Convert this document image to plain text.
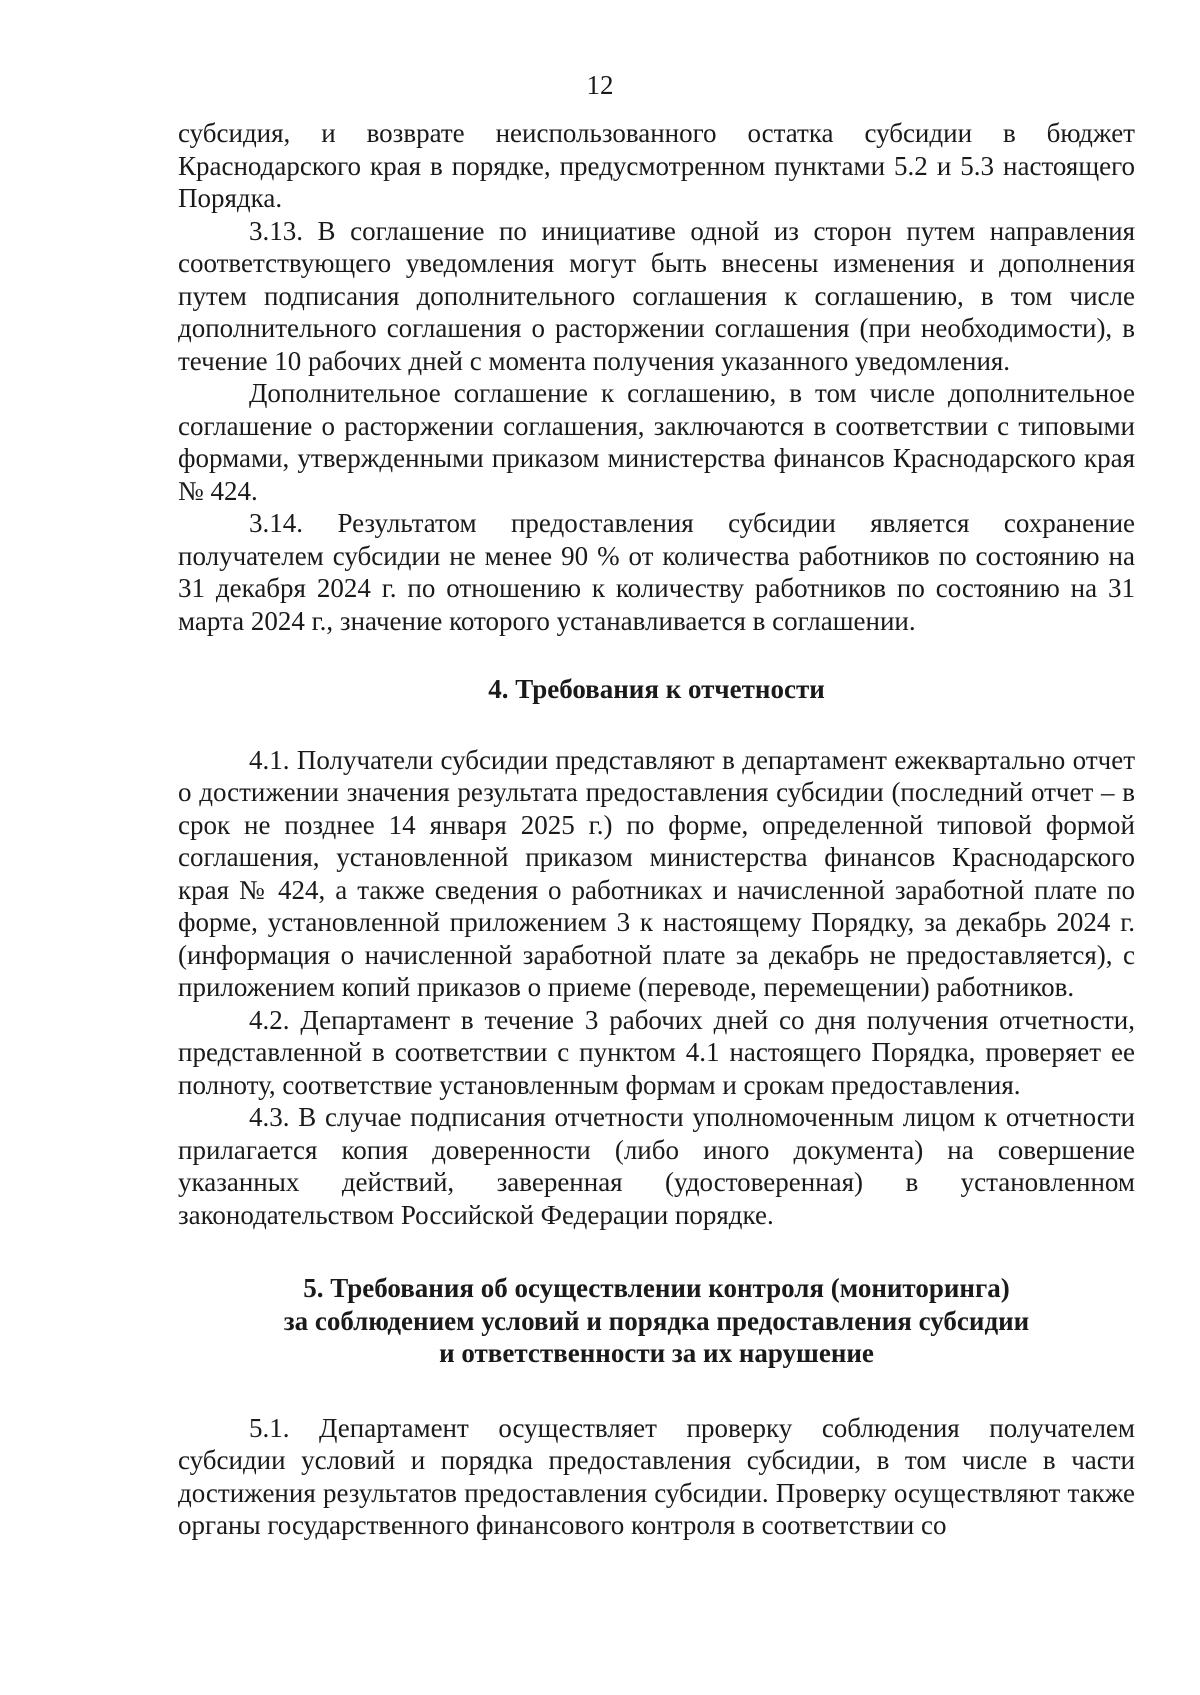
12

субсидия, и возврате неиспользованного остатка субсидии в бюджет Краснодарского края в порядке, предусмотренном пунктами 5.2 и 5.3 настоящего Порядка.

3.13. В соглашение по инициативе одной из сторон путем направления соответствующего уведомления могут быть внесены изменения и дополнения путем подписания дополнительного соглашения к соглашению, в том числе дополнительного соглашения о расторжении соглашения (при необходимости), в течение 10 рабочих дней с момента получения указанного уведомления.

Дополнительное соглашение к соглашению, в том числе дополнительное соглашение о расторжении соглашения, заключаются в соответствии с типовыми формами, утвержденными приказом министерства финансов Краснодарского края № 424.

3.14. Результатом предоставления субсидии является сохранение получателем субсидии не менее 90 % от количества работников по состоянию на 31 декабря 2024 г. по отношению к количеству работников по состоянию на 31 марта 2024 г., значение которого устанавливается в соглашении.

4. Требования к отчетности

4.1. Получатели субсидии представляют в департамент ежеквартально отчет о достижении значения результата предоставления субсидии (последний отчет – в срок не позднее 14 января 2025 г.) по форме, определенной типовой формой соглашения, установленной приказом министерства финансов Краснодарского края № 424, а также сведения о работниках и начисленной заработной плате по форме, установленной приложением 3 к настоящему Порядку, за декабрь 2024 г. (информация о начисленной заработной плате за декабрь не предоставляется), с приложением копий приказов о приеме (переводе, перемещении) работников.

4.2. Департамент в течение 3 рабочих дней со дня получения отчетности, представленной в соответствии с пунктом 4.1 настоящего Порядка, проверяет ее полноту, соответствие установленным формам и срокам предоставления.

4.3. В случае подписания отчетности уполномоченным лицом к отчетности прилагается копия доверенности (либо иного документа) на совершение указанных действий, заверенная (удостоверенная) в установленном законодательством Российской Федерации порядке.

5. Требования об осуществлении контроля (мониторинга)
за соблюдением условий и порядка предоставления субсидии
и ответственности за их нарушение

5.1. Департамент осуществляет проверку соблюдения получателем субсидии условий и порядка предоставления субсидии, в том числе в части достижения результатов предоставления субсидии. Проверку осуществляют также органы государственного финансового контроля в соответствии со
